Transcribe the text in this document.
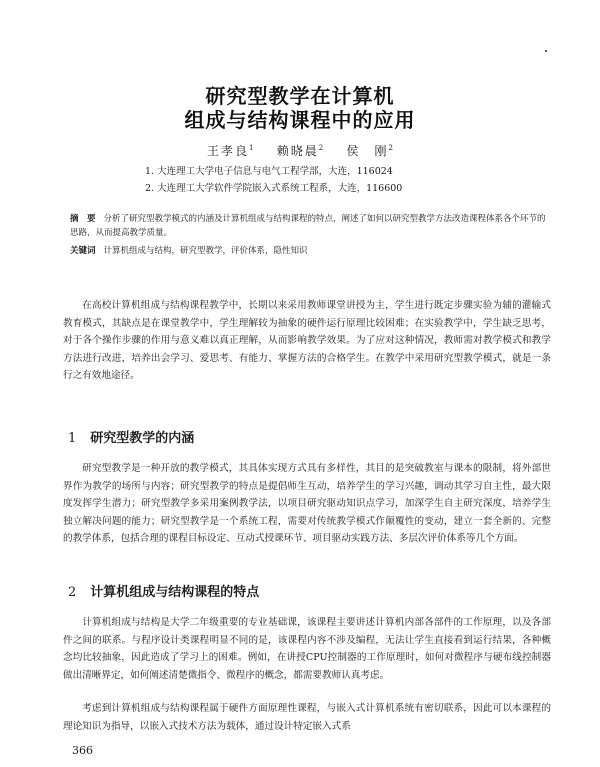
研究型教学在计算机
组成与结构课程中的应用
王孝良$^1$ 赖晓晨$^2$ 侯　刚$^2$
1. 大连理工大学电子信息与电气工程学部，大连，116024
2. 大连理工大学软件学院嵌入式系统工程系，大连，116600
摘　要 分析了研究型教学模式的内涵及计算机组成与结构课程的特点，阐述了如何以研究型教学方法改造课程体系各个环节的思路，从而提高教学质量。
关键词 计算机组成与结构，研究型教学，评价体系，隐性知识
在高校计算机组成与结构课程教学中，长期以来采用教师课堂讲授为主，学生进行既定步骤实验为辅的灌输式教育模式，其缺点是在课堂教学中，学生理解较为抽象的硬件运行原理比较困难；在实验教学中，学生缺乏思考，对于各个操作步骤的作用与意义难以真正理解，从而影响教学效果。为了应对这种情况，教师需对教学模式和教学方法进行改进，培养出会学习、爱思考、有能力、掌握方法的合格学生。在教学中采用研究型教学模式，就是一条行之有效地途径。
1 研究型教学的内涵
研究型教学是一种开放的教学模式，其具体实现方式具有多样性，其目的是突破教室与课本的限制，将外部世界作为教学的场所与内容；研究型教学的特点是提倡师生互动，培养学生的学习兴趣，调动其学习自主性，最大限度发挥学生潜力；研究型教学多采用案例教学法，以项目研究驱动知识点学习，加深学生自主研究深度，培养学生独立解决问题的能力；研究型教学是一个系统工程，需要对传统教学模式作颠覆性的变动，建立一套全新的、完整的教学体系，包括合理的课程目标设定、互动式授课环节、项目驱动实践方法、多层次评价体系等几个方面。
2 计算机组成与结构课程的特点
计算机组成与结构是大学二年级重要的专业基础课，该课程主要讲述计算机内部各部件的工作原理，以及各部件之间的联系。与程序设计类课程明显不同的是，该课程内容不涉及编程，无法让学生直接看到运行结果，各种概念均比较抽象，因此造成了学习上的困难。例如，在讲授CPU控制器的工作原理时，如何对微程序与硬布线控制器做出清晰界定，如何阐述清楚微指令、微程序的概念，都需要教师认真考虑。
考虑到计算机组成与结构课程属于硬件方面原理性课程，与嵌入式计算机系统有密切联系，因此可以本课程的理论知识为指导，以嵌入式技术方法为载体，通过设计特定嵌入式系
366
